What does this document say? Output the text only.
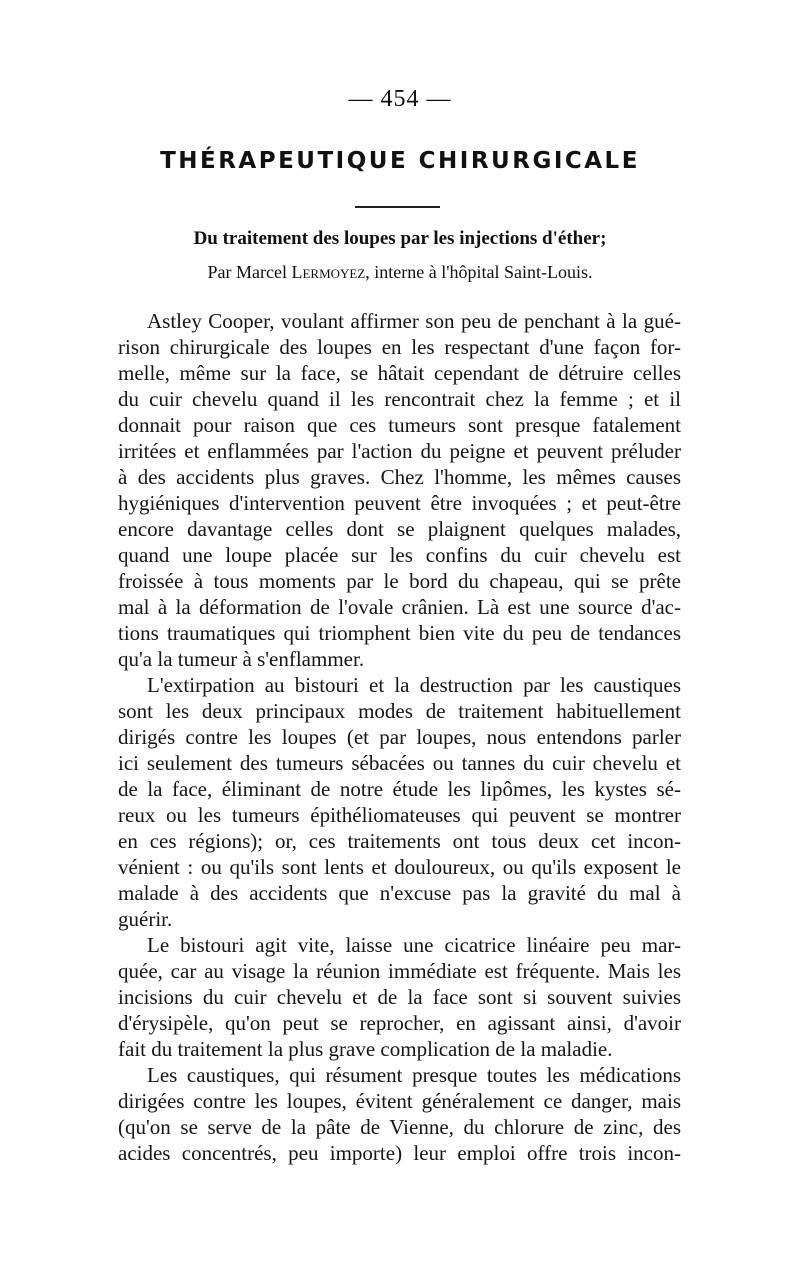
— 454 —
THÉRAPEUTIQUE CHIRURGICALE
Du traitement des loupes par les injections d'éther;
Par Marcel Lermoyez, interne à l'hôpital Saint-Louis.
Astley Cooper, voulant affirmer son peu de penchant à la gué-
rison chirurgicale des loupes en les respectant d'une façon for-
melle, même sur la face, se hâtait cependant de détruire celles
du cuir chevelu quand il les rencontrait chez la femme ; et il
donnait pour raison que ces tumeurs sont presque fatalement
irritées et enflammées par l'action du peigne et peuvent préluder
à des accidents plus graves. Chez l'homme, les mêmes causes
hygiéniques d'intervention peuvent être invoquées ; et peut-être
encore davantage celles dont se plaignent quelques malades,
quand une loupe placée sur les confins du cuir chevelu est
froissée à tous moments par le bord du chapeau, qui se prête
mal à la déformation de l'ovale crânien. Là est une source d'ac-
tions traumatiques qui triomphent bien vite du peu de tendances
qu'a la tumeur à s'enflammer.
L'extirpation au bistouri et la destruction par les caustiques
sont les deux principaux modes de traitement habituellement
dirigés contre les loupes (et par loupes, nous entendons parler
ici seulement des tumeurs sébacées ou tannes du cuir chevelu et
de la face, éliminant de notre étude les lipômes, les kystes sé-
reux ou les tumeurs épithéliomateuses qui peuvent se montrer
en ces régions); or, ces traitements ont tous deux cet incon-
vénient : ou qu'ils sont lents et douloureux, ou qu'ils exposent le
malade à des accidents que n'excuse pas la gravité du mal à
guérir.
Le bistouri agit vite, laisse une cicatrice linéaire peu mar-
quée, car au visage la réunion immédiate est fréquente. Mais les
incisions du cuir chevelu et de la face sont si souvent suivies
d'érysipèle, qu'on peut se reprocher, en agissant ainsi, d'avoir
fait du traitement la plus grave complication de la maladie.
Les caustiques, qui résument presque toutes les médications
dirigées contre les loupes, évitent généralement ce danger, mais
(qu'on se serve de la pâte de Vienne, du chlorure de zinc, des
acides concentrés, peu importe) leur emploi offre trois incon-
